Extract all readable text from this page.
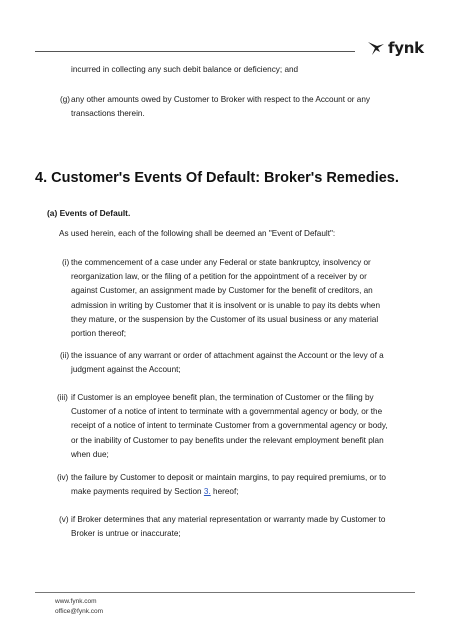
fynk
incurred in collecting any such debit balance or deficiency; and
(g) any other amounts owed by Customer to Broker with respect to the Account or any
transactions therein.
4. Customer's Events Of Default: Broker's Remedies.
(a) Events of Default.
As used herein, each of the following shall be deemed an "Event of Default":
(i) the commencement of a case under any Federal or state bankruptcy, insolvency or
reorganization law, or the filing of a petition for the appointment of a receiver by or
against Customer, an assignment made by Customer for the benefit of creditors, an
admission in writing by Customer that it is insolvent or is unable to pay its debts when
they mature, or the suspension by the Customer of its usual business or any material
portion thereof;
(ii) the issuance of any warrant or order of attachment against the Account or the levy of a
judgment against the Account;
(iii) if Customer is an employee benefit plan, the termination of Customer or the filing by
Customer of a notice of intent to terminate with a governmental agency or body, or the
receipt of a notice of intent to terminate Customer from a governmental agency or body,
or the inability of Customer to pay benefits under the relevant employment benefit plan
when due;
(iv) the failure by Customer to deposit or maintain margins, to pay required premiums, or to
make payments required by Section 3. hereof;
(v) if Broker determines that any material representation or warranty made by Customer to
Broker is untrue or inaccurate;
www.fynk.com
office@fynk.com
